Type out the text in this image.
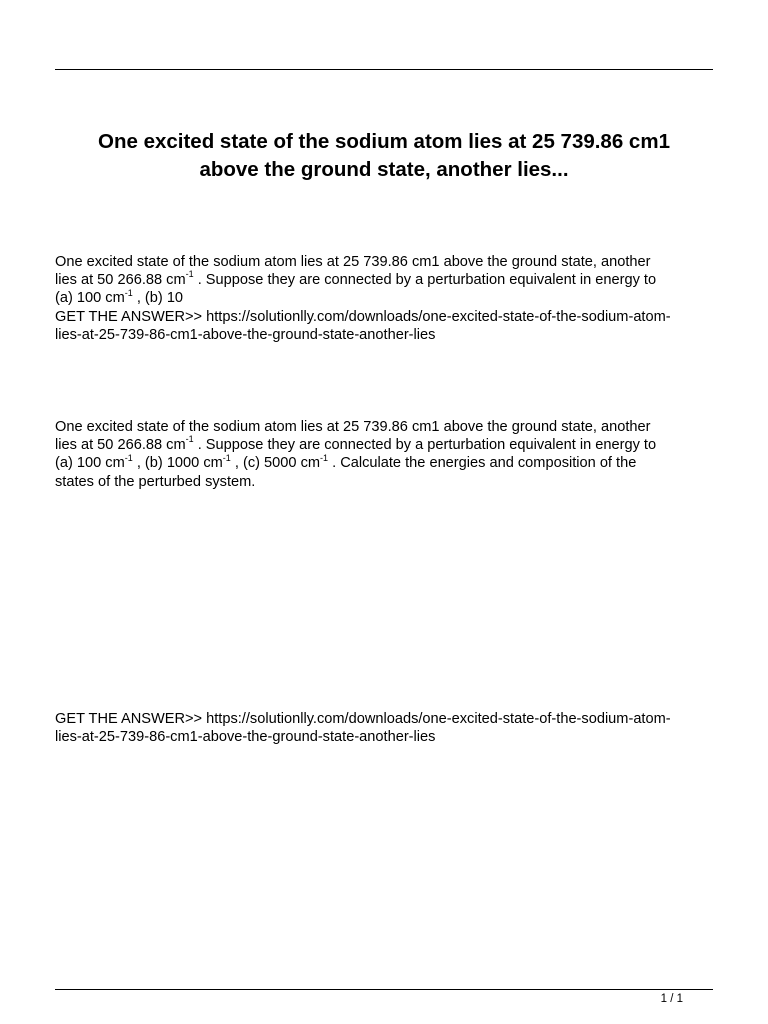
One excited state of the sodium atom lies at 25 739.86 cm1
above the ground state, another lies...
One excited state of the sodium atom lies at 25 739.86 cm1 above the ground state, another
lies at 50 266.88 $cm^{-1}$ . Suppose they are connected by a perturbation equivalent in energy to
(a) 100 $cm^{-1}$ , (b) 10
GET THE ANSWER>> https://solutionlly.com/downloads/one-excited-state-of-the-sodium-atom-
lies-at-25-739-86-cm1-above-the-ground-state-another-lies
One excited state of the sodium atom lies at 25 739.86 cm1 above the ground state, another
lies at 50 266.88 $cm^{-1}$ . Suppose they are connected by a perturbation equivalent in energy to
(a) 100 $cm^{-1}$ , (b) 1000 $cm^{-1}$ , (c) 5000 $cm^{-1}$ . Calculate the energies and composition of the
states of the perturbed system.
GET THE ANSWER>> https://solutionlly.com/downloads/one-excited-state-of-the-sodium-atom-
lies-at-25-739-86-cm1-above-the-ground-state-another-lies
1 / 1
